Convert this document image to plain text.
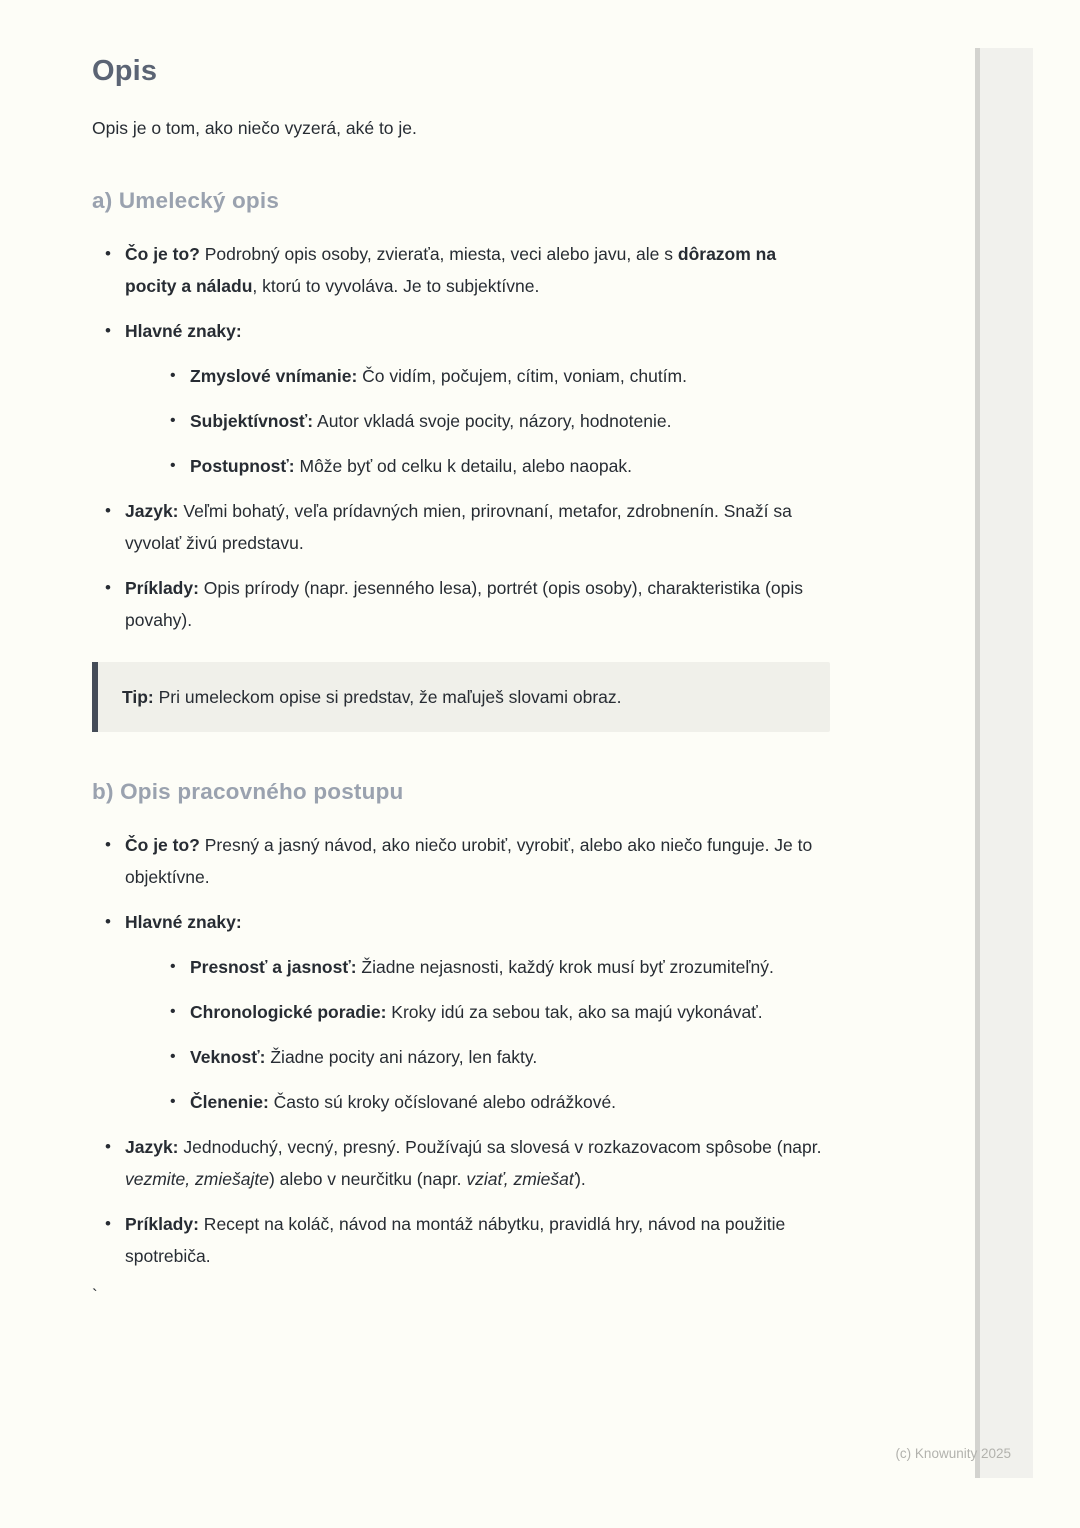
Opis

Opis je o tom, ako niečo vyzerá, aké to je.

a) Umelecký opis
• Čo je to? Podrobný opis osoby, zvieraťa, miesta, veci alebo javu, ale s dôrazom na pocity a náladu, ktorú to vyvoláva. Je to subjektívne.
• Hlavné znaky:
• Zmyslové vnímanie: Čo vidím, počujem, cítim, voniam, chutím.
• Subjektívnosť: Autor vkladá svoje pocity, názory, hodnotenie.
• Postupnosť: Môže byť od celku k detailu, alebo naopak.
• Jazyk: Veľmi bohatý, veľa prídavných mien, prirovnaní, metafor, zdrobnenín. Snaží sa vyvolať živú predstavu.
• Príklady: Opis prírody (napr. jesenného lesa), portrét (opis osoby), charakteristika (opis povahy).
Tip: Pri umeleckom opise si predstav, že maľuješ slovami obraz.
b) Opis pracovného postupu
• Čo je to? Presný a jasný návod, ako niečo urobiť, vyrobiť, alebo ako niečo funguje. Je to objektívne.
• Hlavné znaky:
• Presnosť a jasnosť: Žiadne nejasnosti, každý krok musí byť zrozumiteľný.
• Chronologické poradie: Kroky idú za sebou tak, ako sa majú vykonávať.
• Veknosť: Žiadne pocity ani názory, len fakty.
• Členenie: Často sú kroky očíslované alebo odrážkové.
• Jazyk: Jednoduchý, vecný, presný. Používajú sa slovesá v rozkazovacom spôsobe (napr. vezmite, zmiešajte) alebo v neurčitku (napr. vziať, zmiešať).
• Príklady: Recept na koláč, návod na montáž nábytku, pravidlá hry, návod na použitie spotrebiča.
`
(c) Knowunity 2025
